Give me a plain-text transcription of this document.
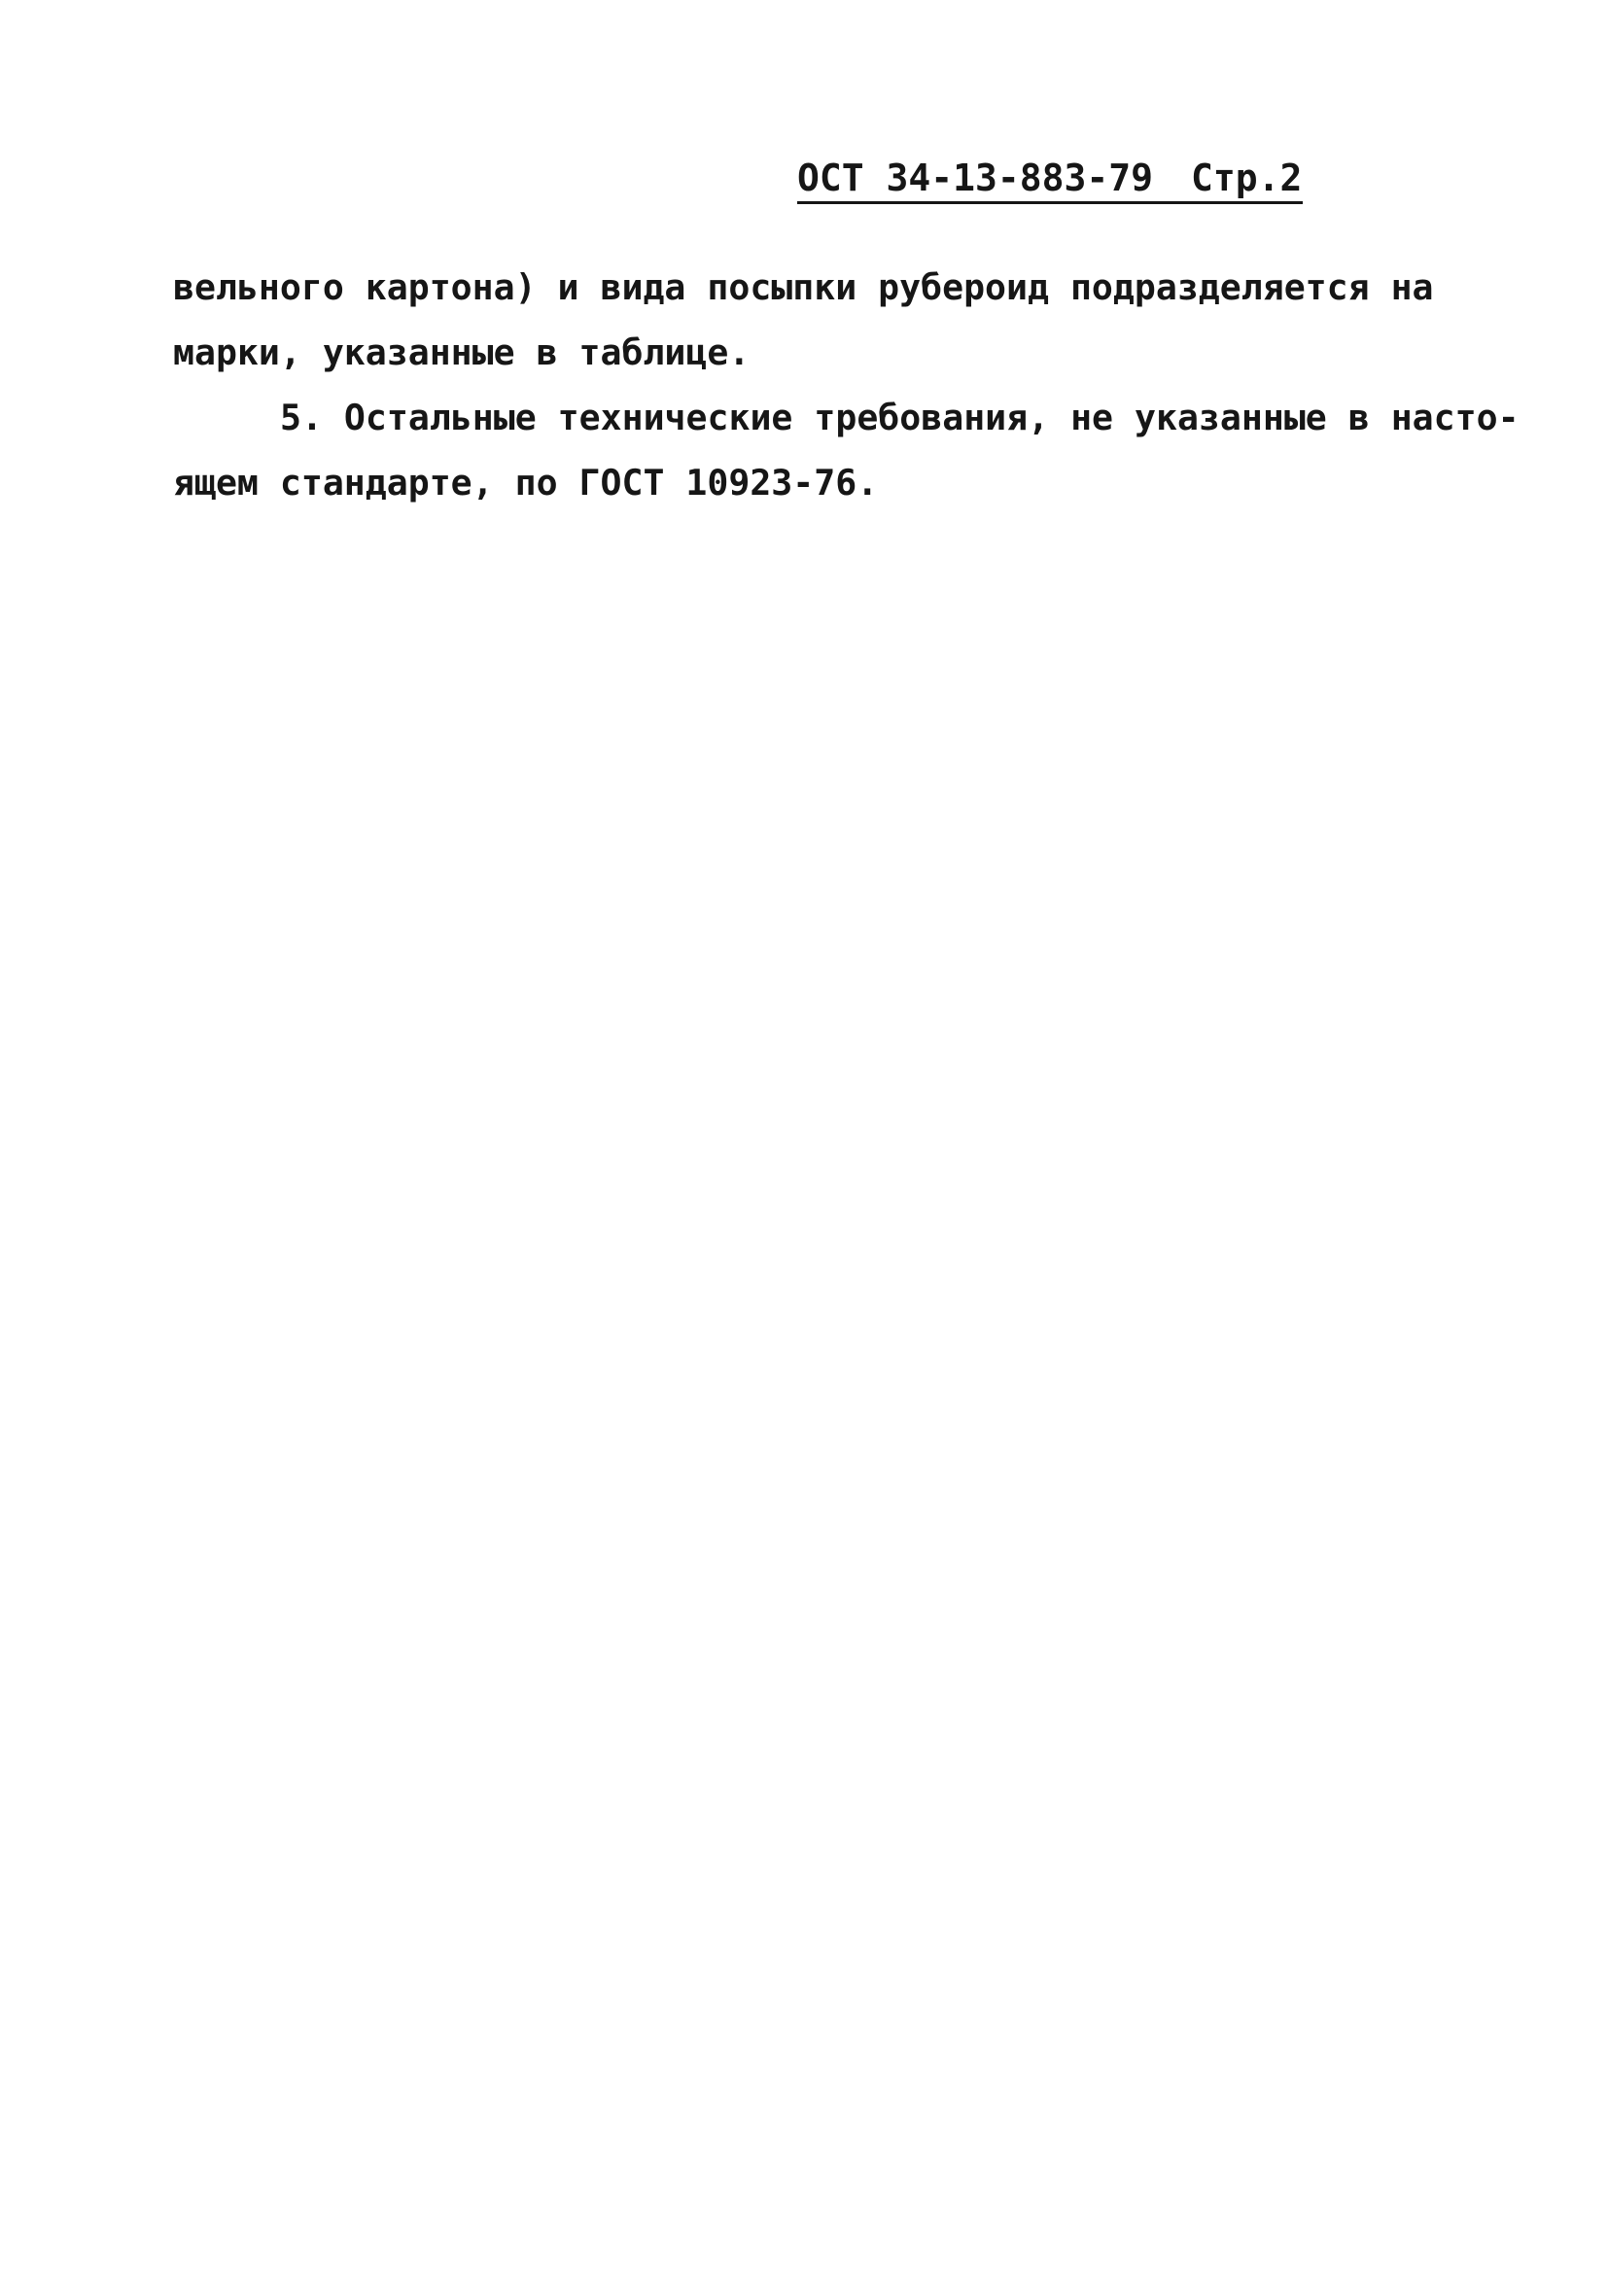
ОСТ 34-13-883-79 Стр.2
вельного картона) и вида посыпки рубероид подразделяется на
марки, указанные в таблице.
5. Остальные технические требования, не указанные в насто-
ящем стандарте, по ГОСТ 10923-76.
